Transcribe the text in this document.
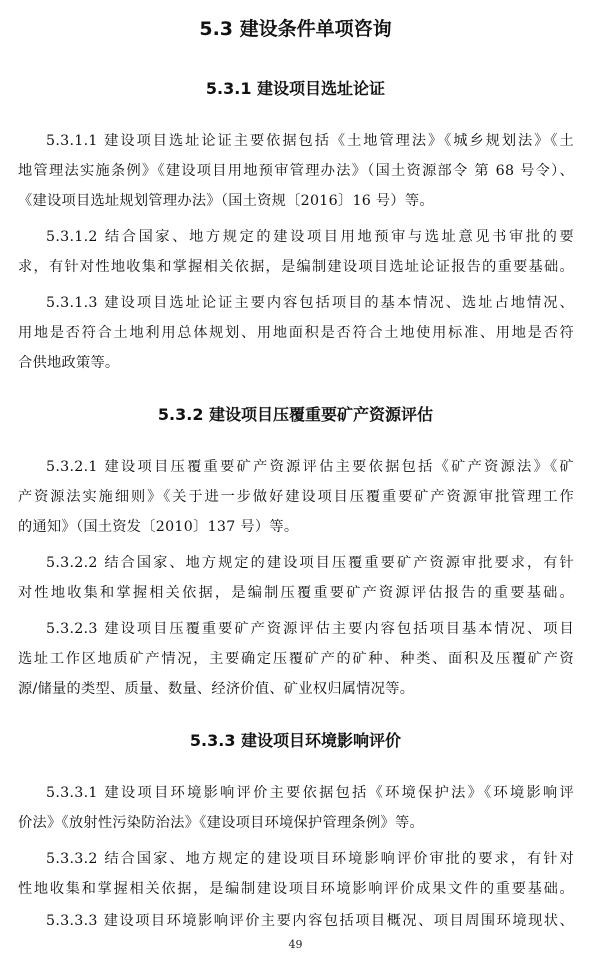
5.3 建设条件单项咨询
5.3.1 建设项目选址论证
5.3.1.1 建设项目选址论证主要依据包括《土地管理法》《城乡规划法》《土
地管理法实施条例》《建设项目用地预审管理办法》（国土资源部令 第 68 号令）、
《建设项目选址规划管理办法》（国土资规〔2016〕16 号）等。
5.3.1.2 结合国家、地方规定的建设项目用地预审与选址意见书审批的要
求，有针对性地收集和掌握相关依据，是编制建设项目选址论证报告的重要基础。
5.3.1.3 建设项目选址论证主要内容包括项目的基本情况、选址占地情况、
用地是否符合土地利用总体规划、用地面积是否符合土地使用标准、用地是否符
合供地政策等。
5.3.2 建设项目压覆重要矿产资源评估
5.3.2.1 建设项目压覆重要矿产资源评估主要依据包括《矿产资源法》《矿
产资源法实施细则》《关于进一步做好建设项目压覆重要矿产资源审批管理工作
的通知》（国土资发〔2010〕137 号）等。
5.3.2.2 结合国家、地方规定的建设项目压覆重要矿产资源审批要求，有针
对性地收集和掌握相关依据，是编制压覆重要矿产资源评估报告的重要基础。
5.3.2.3 建设项目压覆重要矿产资源评估主要内容包括项目基本情况、项目
选址工作区地质矿产情况，主要确定压覆矿产的矿种、种类、面积及压覆矿产资
源/储量的类型、质量、数量、经济价值、矿业权归属情况等。
5.3.3 建设项目环境影响评价
5.3.3.1 建设项目环境影响评价主要依据包括《环境保护法》《环境影响评
价法》《放射性污染防治法》《建设项目环境保护管理条例》等。
5.3.3.2 结合国家、地方规定的建设项目环境影响评价审批的要求，有针对
性地收集和掌握相关依据，是编制建设项目环境影响评价成果文件的重要基础。
5.3.3.3 建设项目环境影响评价主要内容包括项目概况、项目周围环境现状、
49
